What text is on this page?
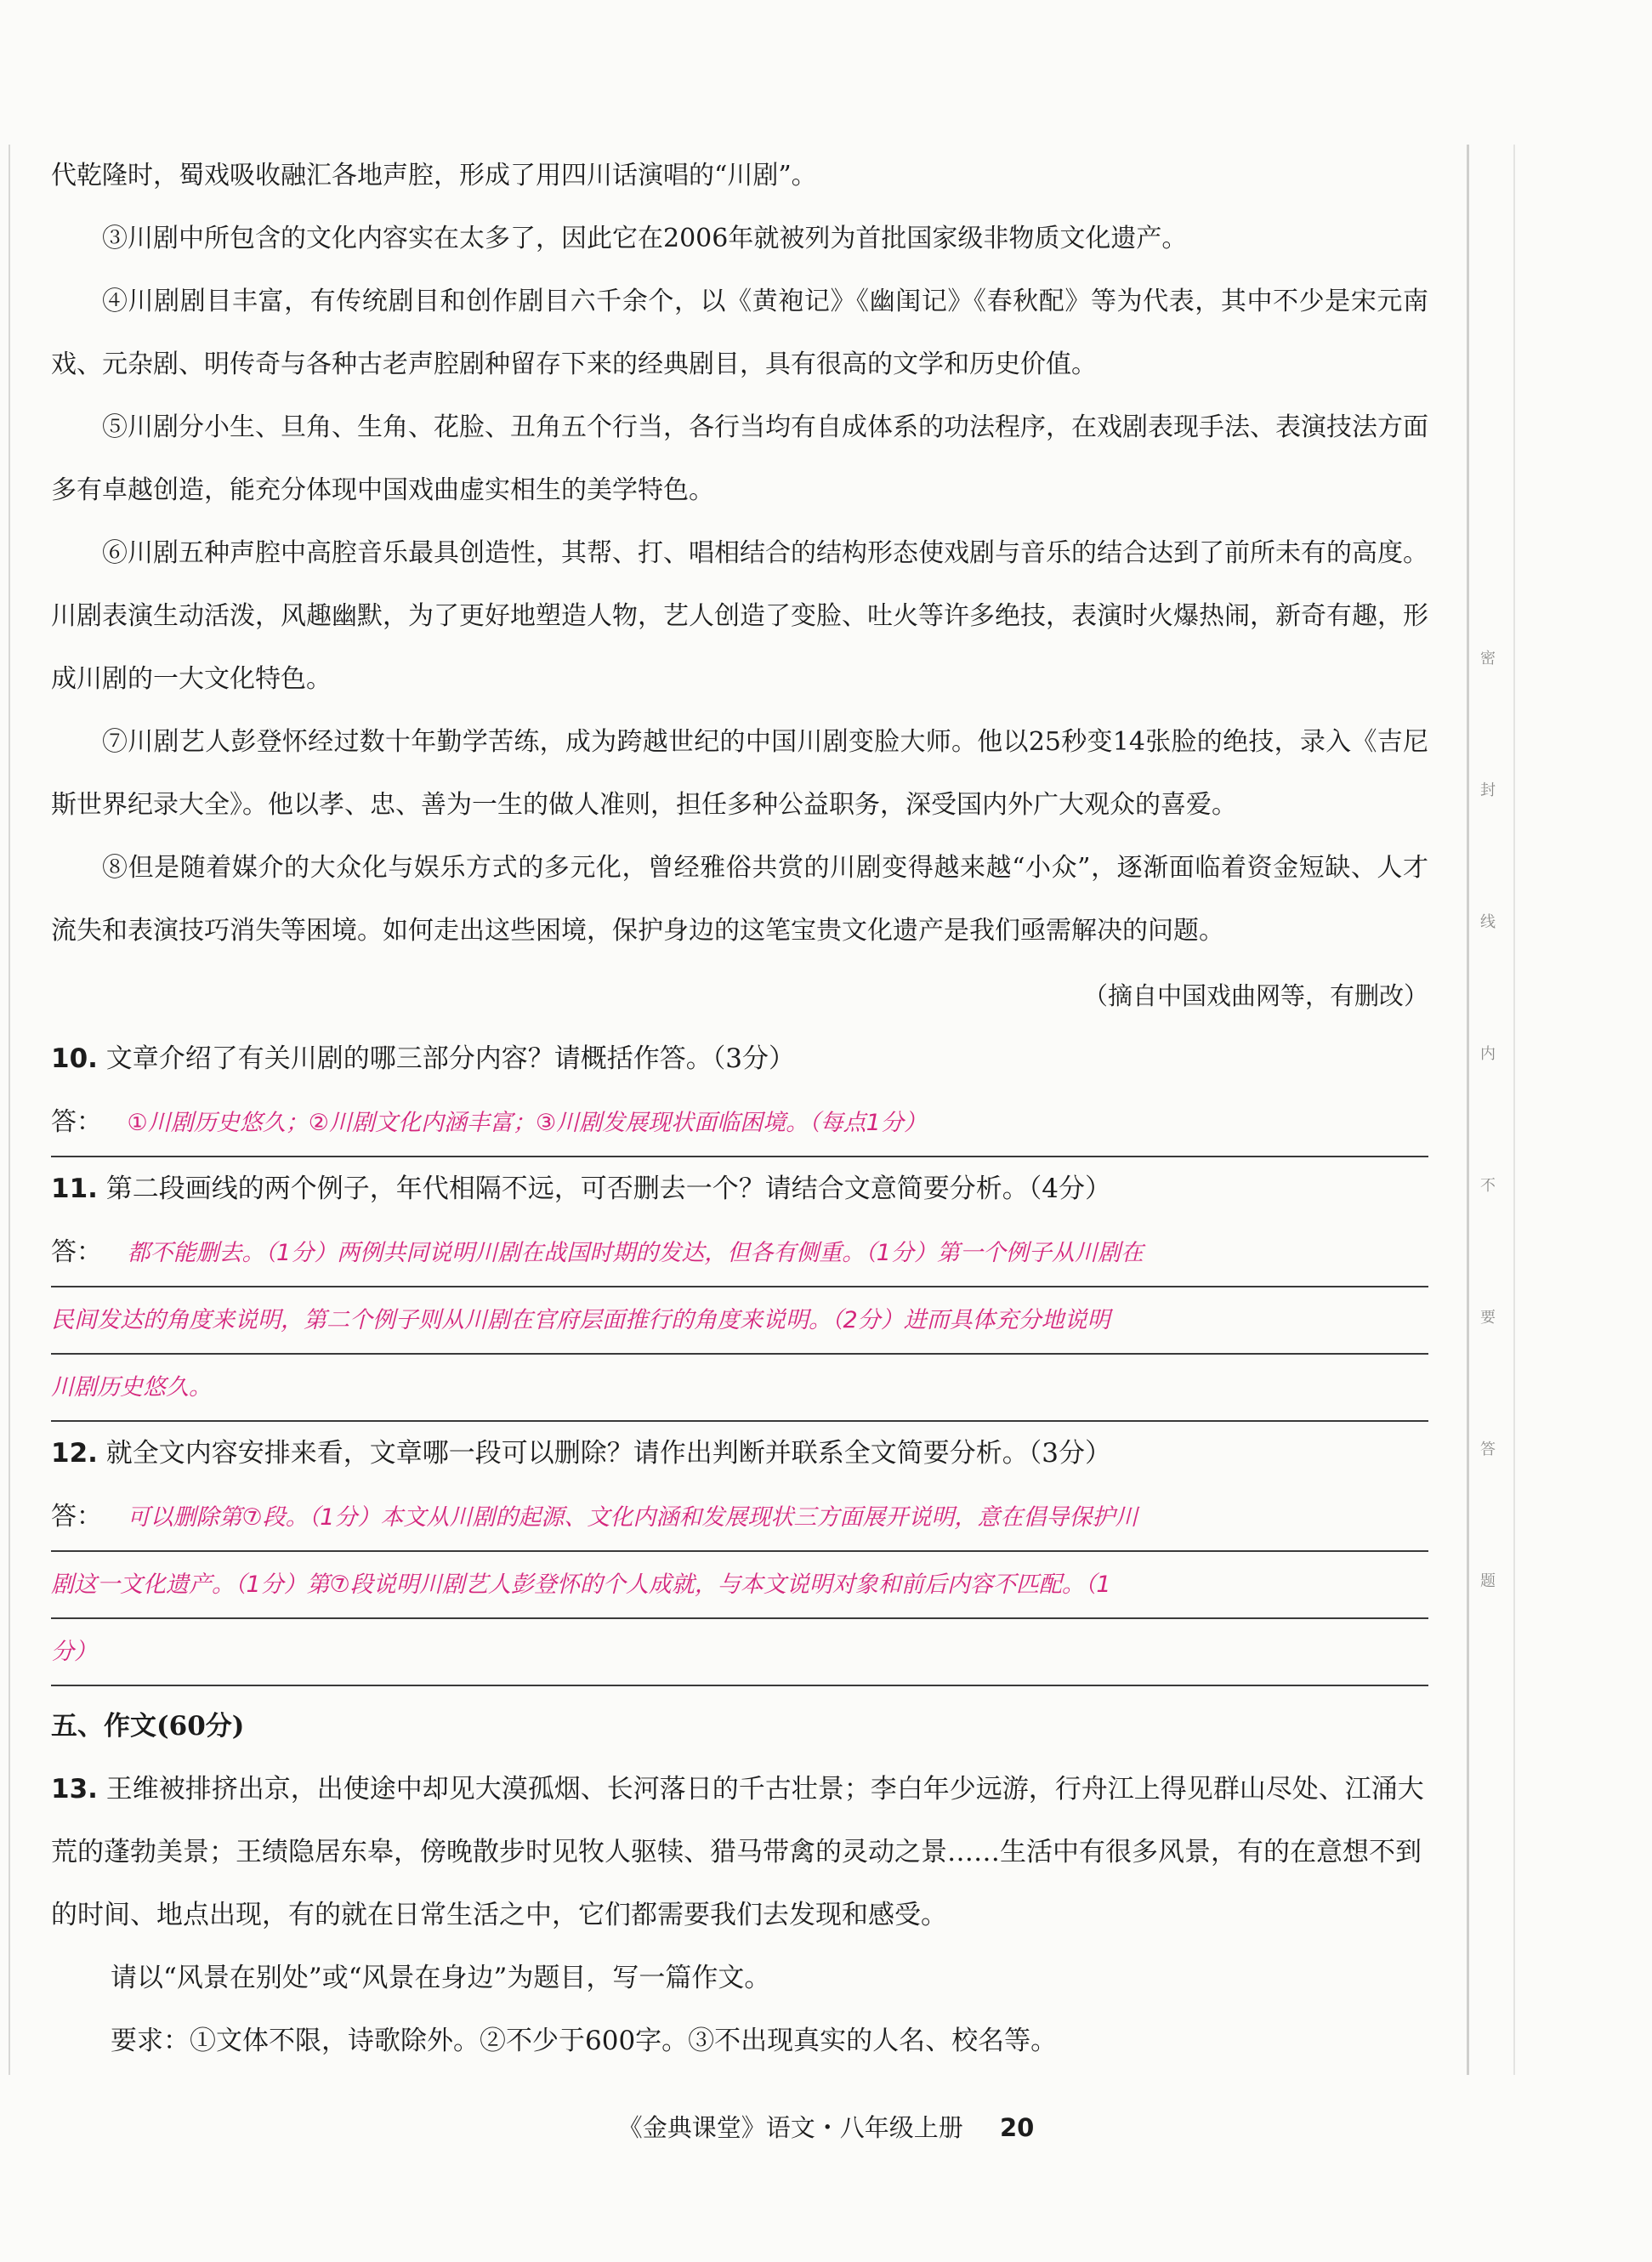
密
封
线
内
不
要
答
题

代乾隆时，蜀戏吸收融汇各地声腔，形成了用四川话演唱的“川剧”。

③川剧中所包含的文化内容实在太多了，因此它在2006年就被列为首批国家级非物质文化遗产。

④川剧剧目丰富，有传统剧目和创作剧目六千余个，以《黄袍记》《幽闺记》《春秋配》等为代表，其中不少是宋元南戏、元杂剧、明传奇与各种古老声腔剧种留存下来的经典剧目，具有很高的文学和历史价值。

⑤川剧分小生、旦角、生角、花脸、丑角五个行当，各行当均有自成体系的功法程序，在戏剧表现手法、表演技法方面多有卓越创造，能充分体现中国戏曲虚实相生的美学特色。

⑥川剧五种声腔中高腔音乐最具创造性，其帮、打、唱相结合的结构形态使戏剧与音乐的结合达到了前所未有的高度。川剧表演生动活泼，风趣幽默，为了更好地塑造人物，艺人创造了变脸、吐火等许多绝技，表演时火爆热闹，新奇有趣，形成川剧的一大文化特色。

⑦川剧艺人彭登怀经过数十年勤学苦练，成为跨越世纪的中国川剧变脸大师。他以25秒变14张脸的绝技，录入《吉尼斯世界纪录大全》。他以孝、忠、善为一生的做人准则，担任多种公益职务，深受国内外广大观众的喜爱。

⑧但是随着媒介的大众化与娱乐方式的多元化，曾经雅俗共赏的川剧变得越来越“小众”，逐渐面临着资金短缺、人才流失和表演技巧消失等困境。如何走出这些困境，保护身边的这笔宝贵文化遗产是我们亟需解决的问题。

（摘自中国戏曲网等，有删改）

10. 文章介绍了有关川剧的哪三部分内容？请概括作答。（3分）

答： ①川剧历史悠久；②川剧文化内涵丰富；③川剧发展现状面临困境。（每点1分）

11. 第二段画线的两个例子，年代相隔不远，可否删去一个？请结合文意简要分析。（4分）

答： 都不能删去。（1分）两例共同说明川剧在战国时期的发达，但各有侧重。（1分）第一个例子从川剧在

民间发达的角度来说明，第二个例子则从川剧在官府层面推行的角度来说明。（2分）进而具体充分地说明

川剧历史悠久。

12. 就全文内容安排来看，文章哪一段可以删除？请作出判断并联系全文简要分析。（3分）

答： 可以删除第⑦段。（1分）本文从川剧的起源、文化内涵和发展现状三方面展开说明，意在倡导保护川

剧这一文化遗产。（1分）第⑦段说明川剧艺人彭登怀的个人成就，与本文说明对象和前后内容不匹配。（1

分）

五、作文(60分)

13. 王维被排挤出京，出使途中却见大漠孤烟、长河落日的千古壮景；李白年少远游，行舟江上得见群山尽处、江涌大荒的蓬勃美景；王绩隐居东皋，傍晚散步时见牧人驱犊、猎马带禽的灵动之景……生活中有很多风景，有的在意想不到的时间、地点出现，有的就在日常生活之中，它们都需要我们去发现和感受。

请以“风景在别处”或“风景在身边”为题目，写一篇作文。

要求：①文体不限，诗歌除外。②不少于600字。③不出现真实的人名、校名等。

《金典课堂》语文・八年级上册 20
